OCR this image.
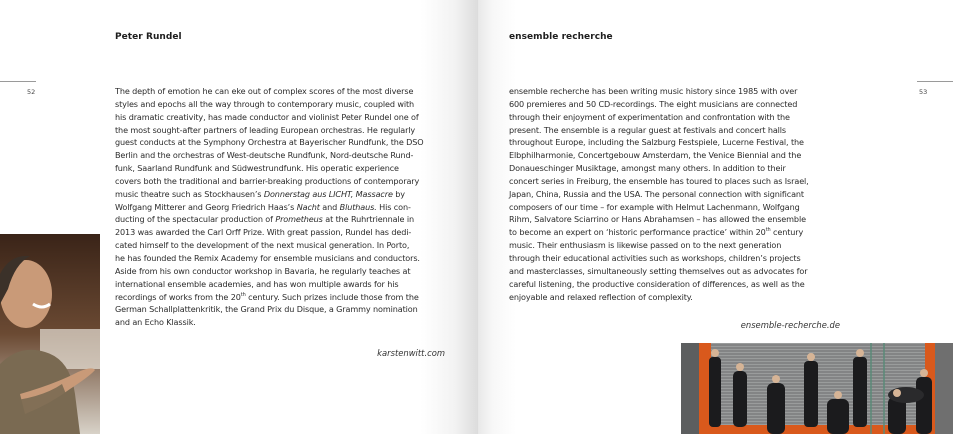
Peter Rundel
52	The depth of emotion he can eke out of complex scores of the most diverse
styles and epochs all the way through to contemporary music, coupled with
his dramatic creativity, has made conductor and violinist Peter Rundel one of
the most sought-after partners of leading European orchestras. He regularly
guest conducts at the Symphony Orchestra at Bayerischer Rundfunk, the DSO
Berlin and the orchestras of West-deutsche Rundfunk, Nord-deutsche Rund-
funk, Saarland Rundfunk and Südwestrundfunk. His operatic experience
covers both the traditional and barrier-breaking productions of contemporary
music theatre such as Stockhausen’s Donnerstag aus LICHT, Massacre by
Wolfgang Mitterer and Georg Friedrich Haas’s Nacht and Bluthaus. His con-
ducting of the spectacular production of Prometheus at the Ruhrtriennale in
2013 was awarded the Carl Orff Prize. With great passion, Rundel has dedi-
cated himself to the development of the next musical generation. In Porto,
he has founded the Remix Academy for ensemble musicians and conductors.
Aside from his own conductor workshop in Bavaria, he regularly teaches at
international ensemble academies, and has won multiple awards for his
recordings of works from the 20th century. Such prizes include those from the
German Schallplattenkritik, the Grand Prix du Disque, a Grammy nomination
and an Echo Klassik.
karstenwitt.com
ensemble recherche
53
ensemble recherche has been writing music history since 1985 with over
600 premieres and 50 CD-recordings. The eight musicians are connected
through their enjoyment of experimentation and confrontation with the
present. The ensemble is a regular guest at festivals and concert halls
throughout Europe, including the Salzburg Festspiele, Lucerne Festival, the
Elbphilharmonie, Concertgebouw Amsterdam, the Venice Biennial and the
Donaueschinger Musiktage, amongst many others. In addition to their
concert series in Freiburg, the ensemble has toured to places such as Israel,
Japan, China, Russia and the USA. The personal connection with significant
composers of our time – for example with Helmut Lachenmann, Wolfgang
Rihm, Salvatore Sciarrino or Hans Abrahamsen – has allowed the ensemble
to become an expert on ‘historic performance practice’ within 20th century
music. Their enthusiasm is likewise passed on to the next generation
through their educational activities such as workshops, children’s projects
and masterclasses, simultaneously setting themselves out as advocates for
careful listening, the productive consideration of differences, as well as the
enjoyable and relaxed reflection of complexity.
ensemble-recherche.de
